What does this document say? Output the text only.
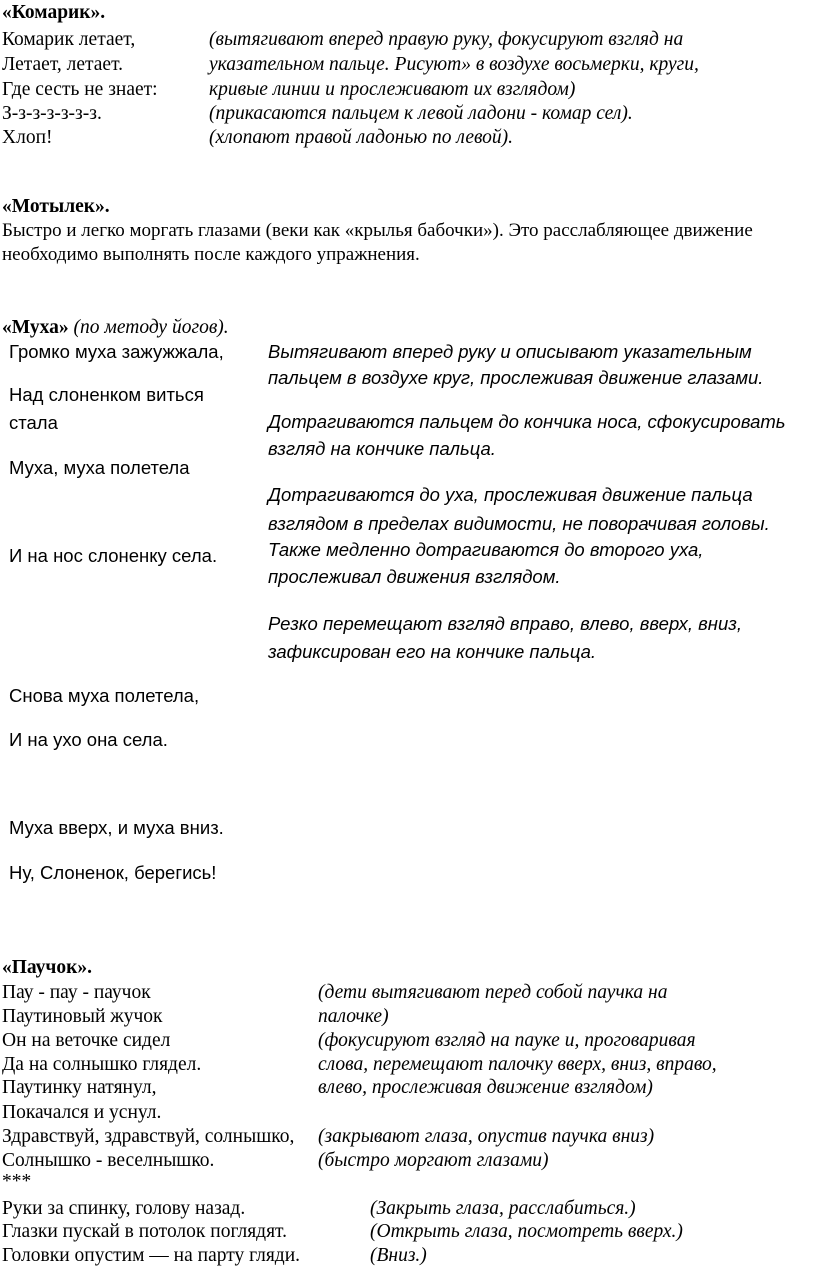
«Комарик».
Комарик летает,
Летает, летает.
Где сесть не знает:
З-з-з-з-з-з-з.
Хлоп!
(вытягивают вперед правую руку, фокусируют взгляд на
указательном пальце. Рисуют» в воздухе восьмерки, круги,
кривые линии и прослеживают их взглядом)
(прикасаются пальцем к левой ладони - комар сел).
(хлопают правой ладонью по левой).
«Мотылек».
Быстро и легко моргать глазами (веки как «крылья бабочки»). Это расслабляющее движение
необходимо выполнять после каждого упражнения.
«Муха» (по методу йогов).
Громко муха зажужжала,
Над слоненком виться
стала
Муха, муха полетела
И на нос слоненку села.
Снова муха полетела,
И на ухо она села.
Муха вверх, и муха вниз.
Ну, Слоненок, берегись!
Вытягивают вперед руку и описывают указательным
пальцем в воздухе круг, прослеживая движение глазами.
Дотрагиваются пальцем до кончика носа, сфокусировать
взгляд на кончике пальца.
Дотрагиваются до уха, прослеживая движение пальца
взглядом в пределах видимости, не поворачивая головы.
Также медленно дотрагиваются до второго уха,
прослеживал движения взглядом.
Резко перемещают взгляд вправо, влево, вверх, вниз,
зафиксирован его на кончике пальца.
«Паучок».
Пау - пау - паучок
Паутиновый жучок
Он на веточке сидел
Да на солнышко глядел.
Паутинку натянул,
Покачался и уснул.
Здравствуй, здравствуй, солнышко,
Солнышко - веселнышко.
***
(дети вытягивают перед собой паучка на
палочке)
(фокусируют взгляд на пауке и, проговаривая
слова, перемещают палочку вверх, вниз, вправо,
влево, прослеживая движение взглядом)
(закрывают глаза, опустив паучка вниз)
(быстро моргают глазами)
Руки за спинку, голову назад.
Глазки пускай в потолок поглядят.
Головки опустим — на парту гляди.
(Закрыть глаза, расслабиться.)
(Открыть глаза, посмотреть вверх.)
(Вниз.)
